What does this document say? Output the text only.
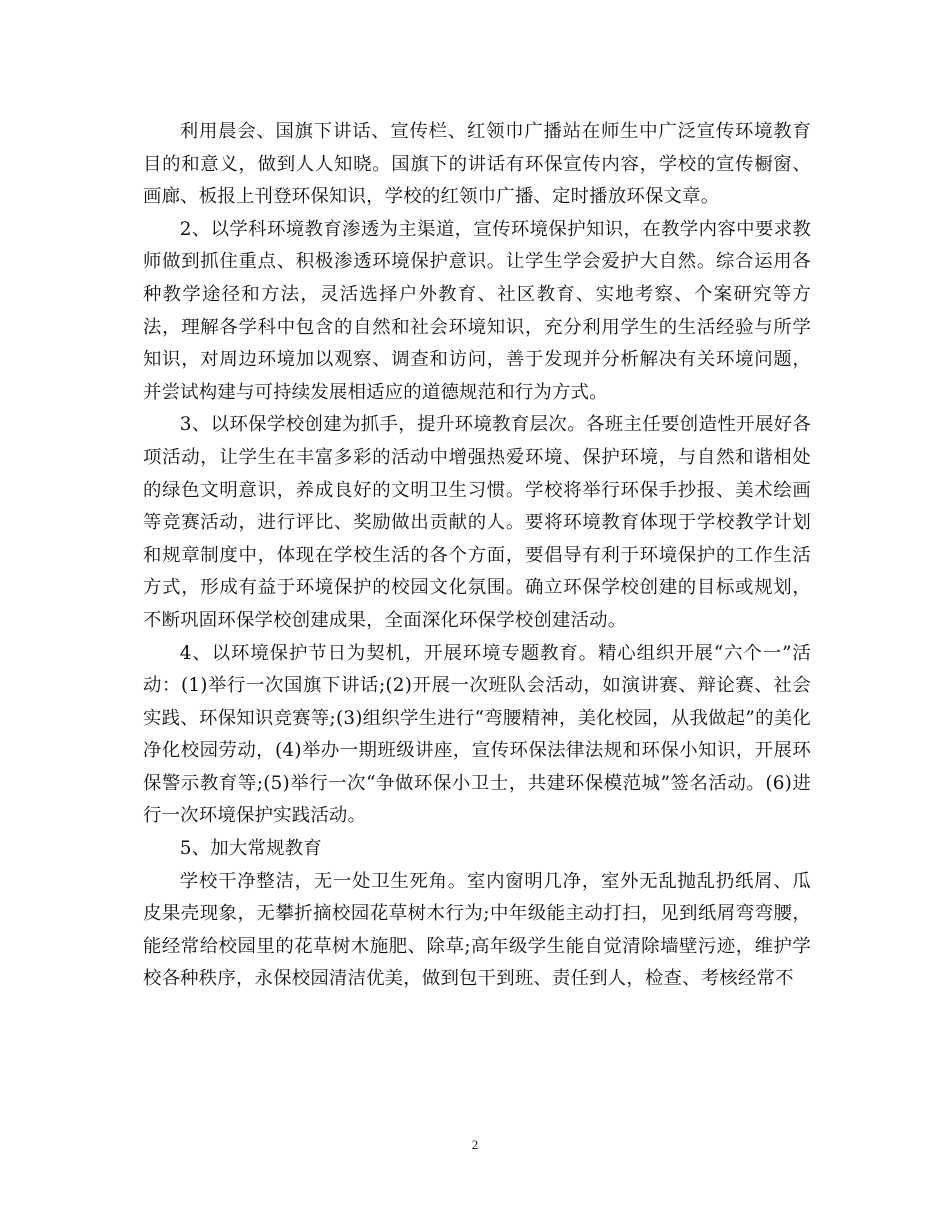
利用晨会、国旗下讲话、宣传栏、红领巾广播站在师生中广泛宣传环境教育目的和意义，做到人人知晓。国旗下的讲话有环保宣传内容，学校的宣传橱窗、画廊、板报上刊登环保知识，学校的红领巾广播、定时播放环保文章。

2、以学科环境教育渗透为主渠道，宣传环境保护知识，在教学内容中要求教师做到抓住重点、积极渗透环境保护意识。让学生学会爱护大自然。综合运用各种教学途径和方法，灵活选择户外教育、社区教育、实地考察、个案研究等方法，理解各学科中包含的自然和社会环境知识，充分利用学生的生活经验与所学知识，对周边环境加以观察、调查和访问，善于发现并分析解决有关环境问题，并尝试构建与可持续发展相适应的道德规范和行为方式。

3、以环保学校创建为抓手，提升环境教育层次。各班主任要创造性开展好各项活动，让学生在丰富多彩的活动中增强热爱环境、保护环境，与自然和谐相处的绿色文明意识，养成良好的文明卫生习惯。学校将举行环保手抄报、美术绘画等竞赛活动，进行评比、奖励做出贡献的人。要将环境教育体现于学校教学计划和规章制度中，体现在学校生活的各个方面，要倡导有利于环境保护的工作生活方式，形成有益于环境保护的校园文化氛围。确立环保学校创建的目标或规划，不断巩固环保学校创建成果，全面深化环保学校创建活动。

4、以环境保护节日为契机，开展环境专题教育。精心组织开展“六个一”活动：(1)举行一次国旗下讲话;(2)开展一次班队会活动，如演讲赛、辩论赛、社会实践、环保知识竞赛等;(3)组织学生进行“弯腰精神，美化校园，从我做起”的美化净化校园劳动，(4)举办一期班级讲座，宣传环保法律法规和环保小知识，开展环保警示教育等;(5)举行一次“争做环保小卫士，共建环保模范城”签名活动。(6)进行一次环境保护实践活动。

5、加大常规教育

学校干净整洁，无一处卫生死角。室内窗明几净，室外无乱抛乱扔纸屑、瓜皮果壳现象，无攀折摘校园花草树木行为;中年级能主动打扫，见到纸屑弯弯腰，能经常给校园里的花草树木施肥、除草;高年级学生能自觉清除墙壁污迹，维护学校各种秩序，永保校园清洁优美，做到包干到班、责任到人，检查、考核经常不

2
